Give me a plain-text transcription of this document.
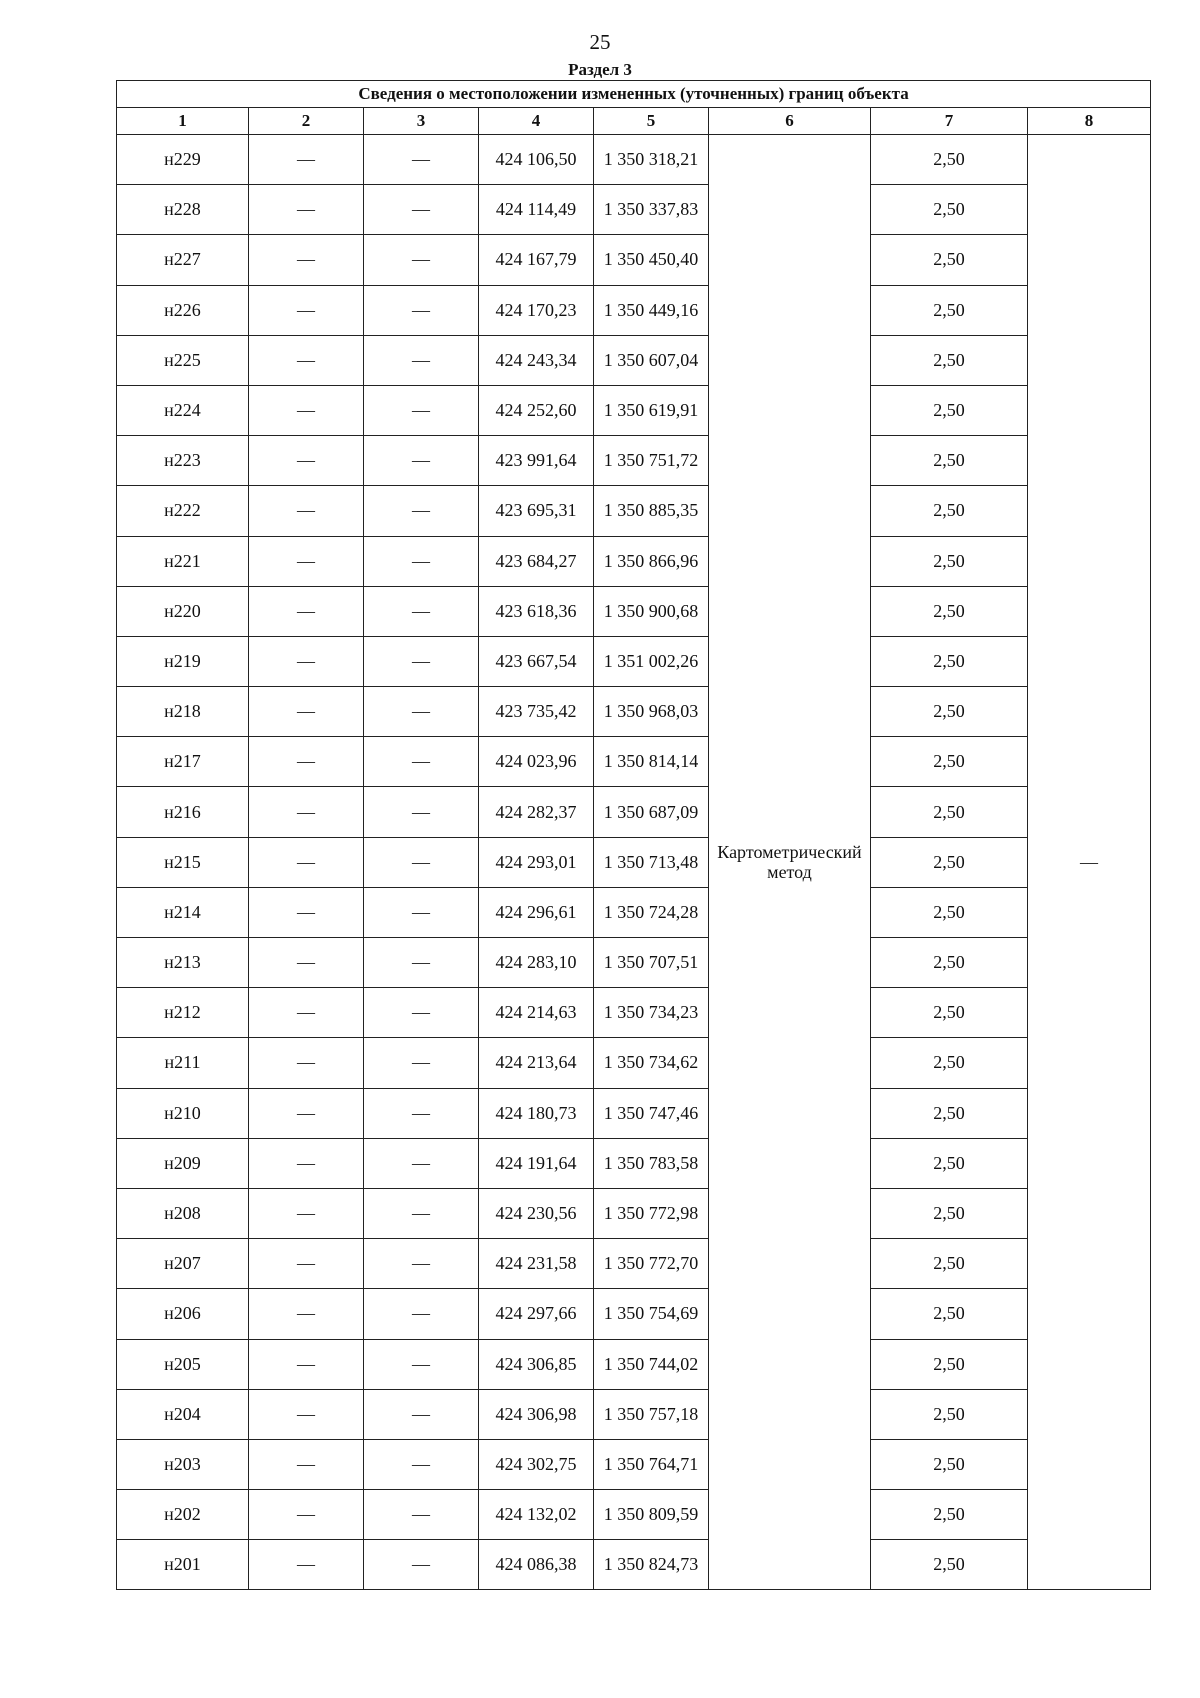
25
Раздел 3
Сведения о местоположении измененных (уточненных) границ объекта							
1	2	3	4	5	6	7	8
н229	—	—	424 106,50	1 350 318,21	Картометрический метод	2,50	—
н228	—	—	424 114,49	1 350 337,83		2,50	
н227	—	—	424 167,79	1 350 450,40		2,50	
н226	—	—	424 170,23	1 350 449,16		2,50	
н225	—	—	424 243,34	1 350 607,04		2,50	
н224	—	—	424 252,60	1 350 619,91		2,50	
н223	—	—	423 991,64	1 350 751,72		2,50	
н222	—	—	423 695,31	1 350 885,35		2,50	
н221	—	—	423 684,27	1 350 866,96		2,50	
н220	—	—	423 618,36	1 350 900,68		2,50	
н219	—	—	423 667,54	1 351 002,26		2,50	
н218	—	—	423 735,42	1 350 968,03		2,50	
н217	—	—	424 023,96	1 350 814,14		2,50	
н216	—	—	424 282,37	1 350 687,09		2,50	
н215	—	—	424 293,01	1 350 713,48		2,50	
н214	—	—	424 296,61	1 350 724,28		2,50	
н213	—	—	424 283,10	1 350 707,51		2,50	
н212	—	—	424 214,63	1 350 734,23		2,50	
н211	—	—	424 213,64	1 350 734,62		2,50	
н210	—	—	424 180,73	1 350 747,46		2,50	
н209	—	—	424 191,64	1 350 783,58		2,50	
н208	—	—	424 230,56	1 350 772,98		2,50	
н207	—	—	424 231,58	1 350 772,70		2,50	
н206	—	—	424 297,66	1 350 754,69		2,50	
н205	—	—	424 306,85	1 350 744,02		2,50	
н204	—	—	424 306,98	1 350 757,18		2,50	
н203	—	—	424 302,75	1 350 764,71		2,50	
н202	—	—	424 132,02	1 350 809,59		2,50	
н201	—	—	424 086,38	1 350 824,73		2,50	
